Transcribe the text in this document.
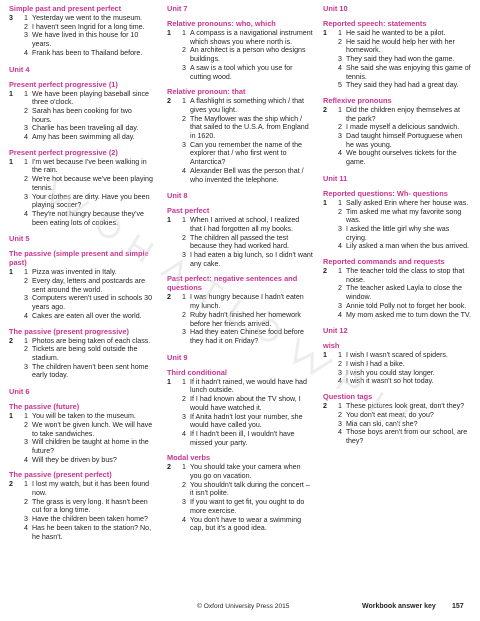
Simple past and present perfect
3 1 Yesterday we went to the museum.
2 I haven't seen Ingrid for a long time.
3 We have lived in this house for 10 years.
4 Frank has been to Thailand before.
Unit 4
Present perfect progressive (1)
1 1 We have been playing baseball since three o'clock.
2 Sarah has been cooking for two hours.
3 Charlie has been traveling all day.
4 Amy has been swimming all day.
Present perfect progressive (2)
1 1 I'm wet because I've been walking in the rain.
2 We're hot because we've been playing tennis.
3 Your clothes are dirty. Have you been playing soccer?
4 They're not hungry because they've been eating lots of cookies.
Unit 5
The passive (simple present and simple past)
1 1 Pizza was invented in Italy.
2 Every day, letters and postcards are sent around the world.
3 Computers weren't used in schools 30 years ago.
4 Cakes are eaten all over the world.
The passive (present progressive)
2 1 Photos are being taken of each class.
2 Tickets are being sold outside the stadium.
3 The children haven't been sent home early today.
Unit 6
The passive (future)
1 1 You will be taken to the museum.
2 We won't be given lunch. We will have to take sandwiches.
3 Will children be taught at home in the future?
4 Will they be driven by bus?
The passive (present perfect)
2 1 I lost my watch, but it has been found now.
2 The grass is very long. It hasn't been cut for a long time.
3 Have the children been taken home?
4 Has he been taken to the station? No, he hasn't.
Unit 7
Relative pronouns: who, which
1 1 A compass is a navigational instrument which shows you where north is.
2 An architect is a person who designs buildings.
3 A saw is a tool which you use for cutting wood.
Relative pronoun: that
2 1 A flashlight is something which / that gives you light.
2 The Mayflower was the ship which / that sailed to the U.S.A. from England in 1620.
3 Can you remember the name of the explorer that / who first went to Antarctica?
4 Alexander Bell was the person that / who invented the telephone.
Unit 8
Past perfect
1 1 When I arrived at school, I realized that I had forgotten all my books.
2 The children all passed the test because they had worked hard.
3 I had eaten a big lunch, so I didn't want any cake.
Past perfect: negative sentences and questions
2 1 I was hungry because I hadn't eaten my lunch.
2 Ruby hadn't finished her homework before her friends arrived.
3 Had they eaten Chinese food before they had it on Friday?
Unit 9
Third conditional
1 1 If it hadn't rained, we would have had lunch outside.
2 If I had known about the TV show, I would have watched it.
3 If Anita hadn't lost your number, she would have called you.
4 If I hadn't been ill, I wouldn't have missed your party.
Modal verbs
2 1 You should take your camera when you go on vacation.
2 You shouldn't talk during the concert – it isn't polite.
3 If you want to get fit, you ought to do more exercise.
4 You don't have to wear a swimming cap, but it's a good idea.
Unit 10
Reported speech: statements
1 1 He said he wanted to be a pilot.
2 He said he would help her with her homework.
3 They said they had won the game.
4 She said she was enjoying this game of tennis.
5 They said they had had a great day.
Reflexive pronouns
2 1 Did the children enjoy themselves at the park?
2 I made myself a delicious sandwich.
3 Dad taught himself Portuguese when he was young.
4 We bought ourselves tickets for the game.
Unit 11
Reported questions: Wh- questions
1 1 Sally asked Erin where her house was.
2 Tim asked me what my favorite song was.
3 I asked the little girl why she was crying.
4 Lily asked a man when the bus arrived.
Reported commands and requests
2 1 The teacher told the class to stop that noise.
2 The teacher asked Layla to close the window.
3 Annie told Polly not to forget her book.
4 My mom asked me to turn down the TV.
Unit 12
wish
1 1 I wish I wasn't scared of spiders.
2 I wish I had a bike.
3 I wish you could stay longer.
4 I wish it wasn't so hot today.
Question tags
2 1 These pictures look great, don't they?
2 You don't eat meat, do you?
3 Mia can ski, can't she?
4 Those boys aren't from our school, are they?
© Oxford University Press 2015	Workbook answer key 157
